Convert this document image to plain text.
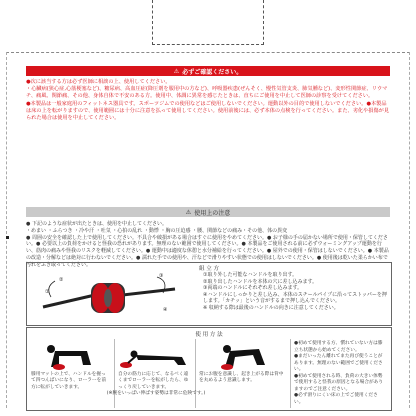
⚠ 必ずご確認ください。

●次に該当する方は必ず医師に相談の上、使用してください。

・心臓病(狭心症,心筋梗塞など)、糖尿病、高血圧症(降圧剤を服用中の方など)、呼吸器疾患(ぜんそく、慢性気管支炎、肺気腫など)、変形性関節症、リウマチ、痛風、関節痛、その他、身体自体で不安のある方。使用中、体調に異常を感じたときは、直ちにご使用を中止して医師の診察を受けてください。

●本製品は一般家庭用のフィットネス器具です。スポーツジムでの使用などはご使用しないでください。運動以外の目的で使用しないでください。●本製品は床の上を転がりますので、使用範囲には十分に注意を払って使用してください。使用前後には、必ず本体の点検を行ってください。また、劣化や損傷が見られた場合は使用を中止してください。

⚠ 使用上の注意

● 下記のような症状が出たときは、使用を中止してください。

・めまい ・ふらつき ・冷や汗 ・吐気 ・心拍の乱れ ・動悸 ・胸の圧迫感 ・腰、関節などの痛み・その他、体の異変

● 周囲の安全を確認した上で使用してください。不具合や破損がある場合はすぐに使用をやめてください。● お子様の手の届かない場所で使用・保管してください。● 必要以上の負荷をかけると怪我の恐れがあります。無理のない範囲で使用してください。● 本製品をご使用される前に必ずウォーミングアップ運動を行い、筋肉の痛みや怪我のリスクを軽減してください。● 運動中は適度な休憩と水分補給を行ってください。● 屋外での使用・保管はしないでください。● 本製品の改造・分解などは絶対に行わないでください。● 濡れた手での使用や、汗などで滑りやすい状態での使用はしないでください。● 使用後は乾いた柔らかい布で汚れをふき取ってください。

組 立 方
②
①
③
④

①取り外した可能なハンドルを取り出す。

②取り出したハンドルを本体の穴に差し込みます。

③両端のハンドルにそれぞれ差し込みます。

④ハンドルにしっかりと差し込み、本体のスチールパイプに沿ってストッパーを押します。「カチッ」という音がするまで押し込んでください。

※ 収納する際は最後のハンドルの向きに注意してください。

使 用 方 法
膝用マットの上で、ハンドルを握って四つんばいになり、ローラーを前方に転がしていきます。
自分の筋力に応じて、なるべく遠くまでローラーを転がしたら、ゆっくり戻していきます。
常にお腹を意識し、起き上がる際は背中を丸めるよう意識します。
●初めて使用する方、慣れていない方は膝
立ち状態から始めてください。
●まだいったん離れてまた再び使うことがあります。無理のない範囲でご使用ください。
●初めて使用される時、負荷の大きい体勢で使用すると怪我の原因となる場合がありますのでご注意ください。
●必ず滑りにくい床の上でご使用ください。
(※腕をいっぱい伸ばす姿勢は非常に危険です。)
